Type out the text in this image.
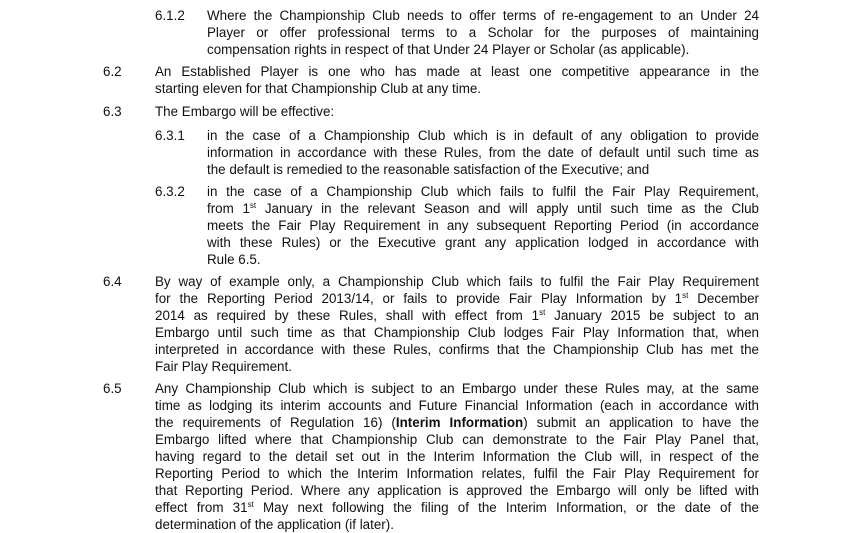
6.1.2 Where the Championship Club needs to offer terms of re-engagement to an Under 24
Player or offer professional terms to a Scholar for the purposes of maintaining
compensation rights in respect of that Under 24 Player or Scholar (as applicable).
6.2 An Established Player is one who has made at least one competitive appearance in the
starting eleven for that Championship Club at any time.
6.3 The Embargo will be effective:
6.3.1 in the case of a Championship Club which is in default of any obligation to provide
information in accordance with these Rules, from the date of default until such time as
the default is remedied to the reasonable satisfaction of the Executive; and
6.3.2 in the case of a Championship Club which fails to fulfil the Fair Play Requirement,
from 1st January in the relevant Season and will apply until such time as the Club
meets the Fair Play Requirement in any subsequent Reporting Period (in accordance
with these Rules) or the Executive grant any application lodged in accordance with
Rule 6.5.
6.4 By way of example only, a Championship Club which fails to fulfil the Fair Play Requirement
for the Reporting Period 2013/14, or fails to provide Fair Play Information by 1st December
2014 as required by these Rules, shall with effect from 1st January 2015 be subject to an
Embargo until such time as that Championship Club lodges Fair Play Information that, when
interpreted in accordance with these Rules, confirms that the Championship Club has met the
Fair Play Requirement.
6.5 Any Championship Club which is subject to an Embargo under these Rules may, at the same
time as lodging its interim accounts and Future Financial Information (each in accordance with
the requirements of Regulation 16) (Interim Information) submit an application to have the
Embargo lifted where that Championship Club can demonstrate to the Fair Play Panel that,
having regard to the detail set out in the Interim Information the Club will, in respect of the
Reporting Period to which the Interim Information relates, fulfil the Fair Play Requirement for
that Reporting Period. Where any application is approved the Embargo will only be lifted with
effect from 31st May next following the filing of the Interim Information, or the date of the
determination of the application (if later).
